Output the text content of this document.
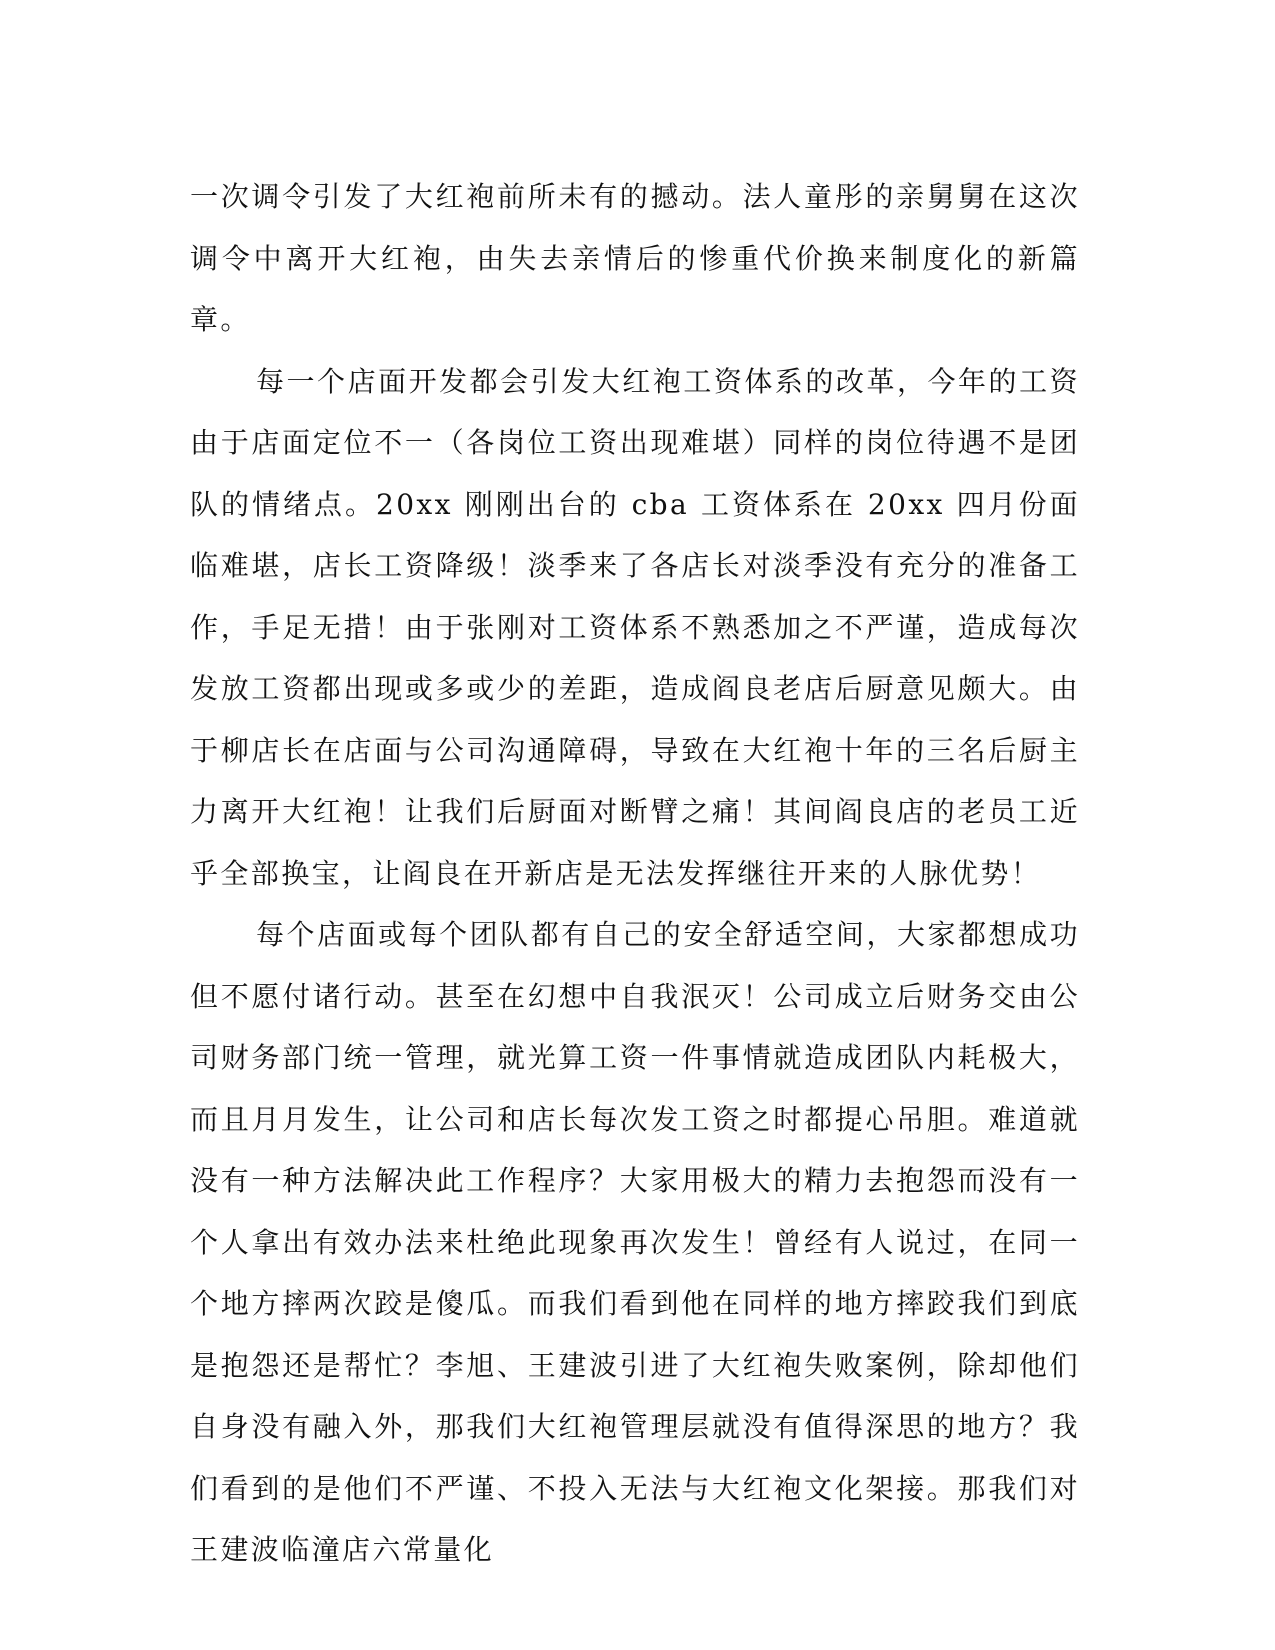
一次调令引发了大红袍前所未有的撼动。法人童彤的亲舅舅在这次调令中离开大红袍，由失去亲情后的惨重代价换来制度化的新篇章。

每一个店面开发都会引发大红袍工资体系的改革，今年的工资由于店面定位不一（各岗位工资出现难堪）同样的岗位待遇不是团队的情绪点。20xx 刚刚出台的 cba 工资体系在 20xx 四月份面临难堪，店长工资降级！淡季来了各店长对淡季没有充分的准备工作，手足无措！由于张刚对工资体系不熟悉加之不严谨，造成每次发放工资都出现或多或少的差距，造成阎良老店后厨意见颇大。由于柳店长在店面与公司沟通障碍，导致在大红袍十年的三名后厨主力离开大红袍！让我们后厨面对断臂之痛！其间阎良店的老员工近乎全部换宝，让阎良在开新店是无法发挥继往开来的人脉优势！

每个店面或每个团队都有自己的安全舒适空间，大家都想成功但不愿付诸行动。甚至在幻想中自我泯灭！公司成立后财务交由公司财务部门统一管理，就光算工资一件事情就造成团队内耗极大，而且月月发生，让公司和店长每次发工资之时都提心吊胆。难道就没有一种方法解决此工作程序？大家用极大的精力去抱怨而没有一个人拿出有效办法来杜绝此现象再次发生！曾经有人说过，在同一个地方摔两次跤是傻瓜。而我们看到他在同样的地方摔跤我们到底是抱怨还是帮忙？李旭、王建波引进了大红袍失败案例，除却他们自身没有融入外，那我们大红袍管理层就没有值得深思的地方？我们看到的是他们不严谨、不投入无法与大红袍文化架接。那我们对王建波临潼店六常量化
